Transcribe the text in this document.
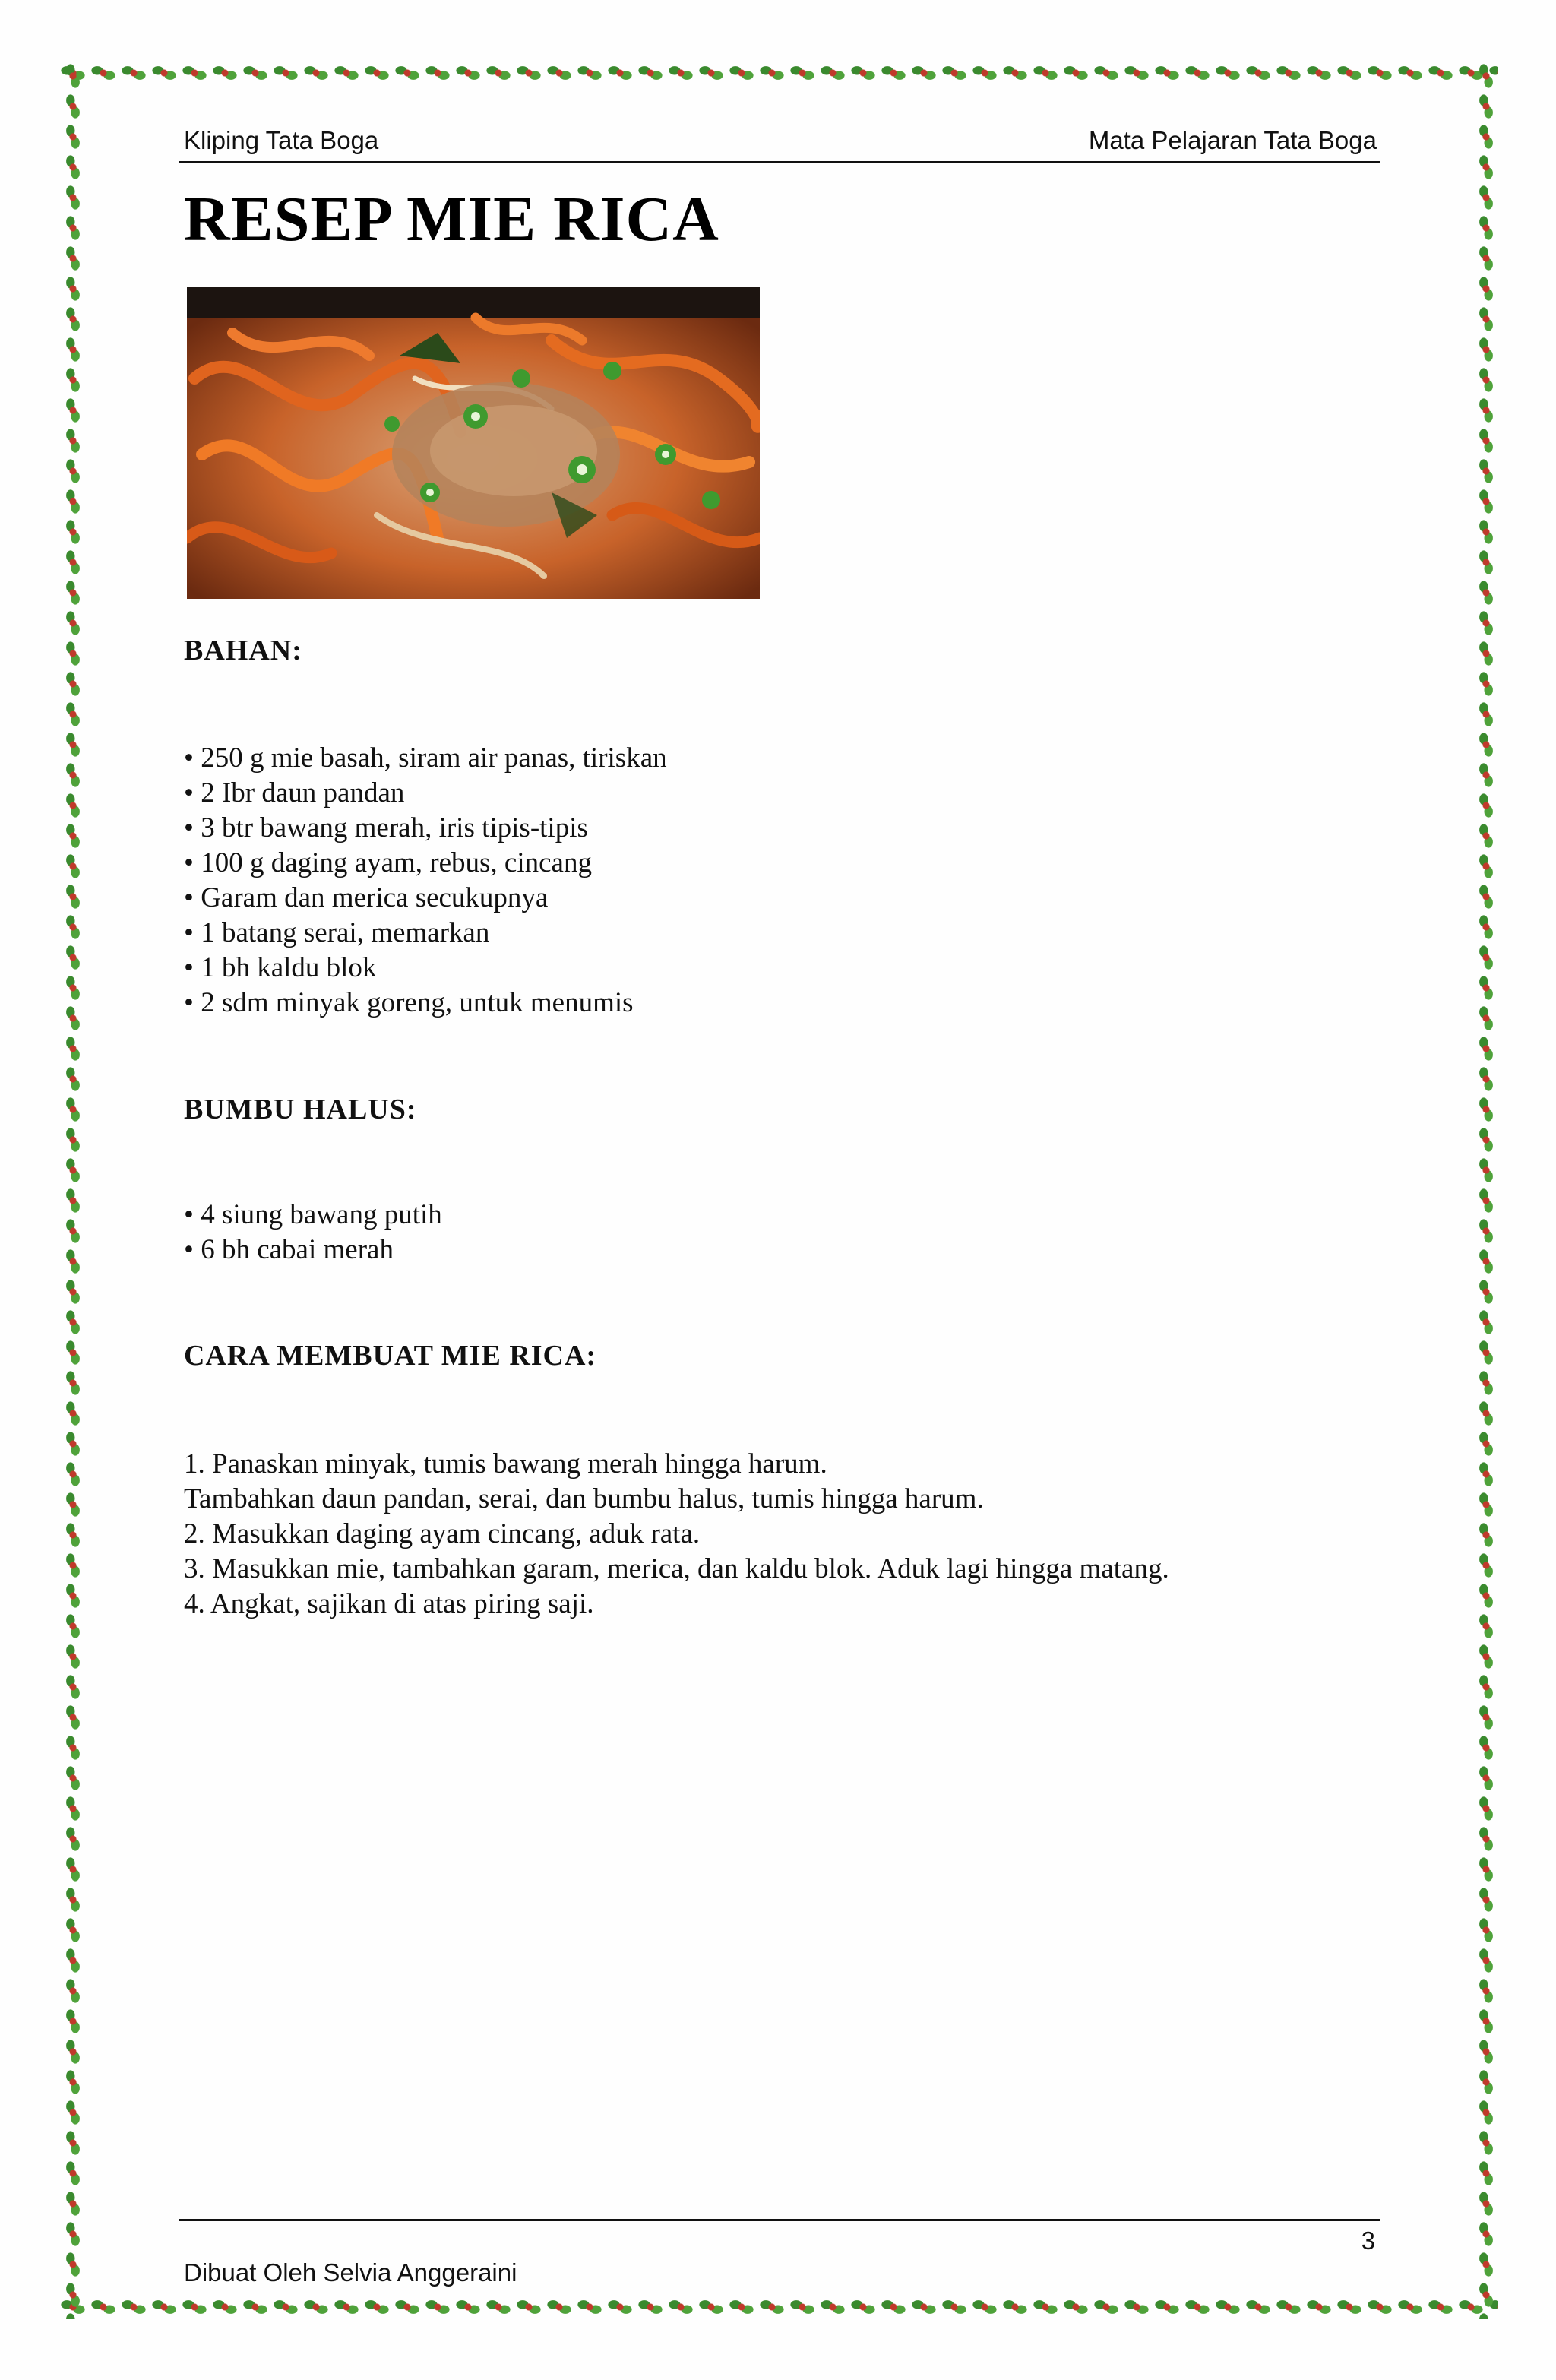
Kliping Tata Boga	Mata Pelajaran Tata Boga
RESEP MIE RICA
BAHAN:
• 250 g mie basah, siram air panas, tiriskan
• 2 Ibr daun pandan
• 3 btr bawang merah, iris tipis-tipis
• 100 g daging ayam, rebus, cincang
• Garam dan merica secukupnya
• 1 batang serai, memarkan
• 1 bh kaldu blok
• 2 sdm minyak goreng, untuk menumis
BUMBU HALUS:
• 4 siung bawang putih
• 6 bh cabai merah
CARA MEMBUAT MIE RICA:
1. Panaskan minyak, tumis bawang merah hingga harum.
Tambahkan daun pandan, serai, dan bumbu halus, tumis hingga harum.
2. Masukkan daging ayam cincang, aduk rata.
3. Masukkan mie, tambahkan garam, merica, dan kaldu blok. Aduk lagi hingga matang.
4. Angkat, sajikan di atas piring saji.
3
Dibuat Oleh Selvia Anggeraini
